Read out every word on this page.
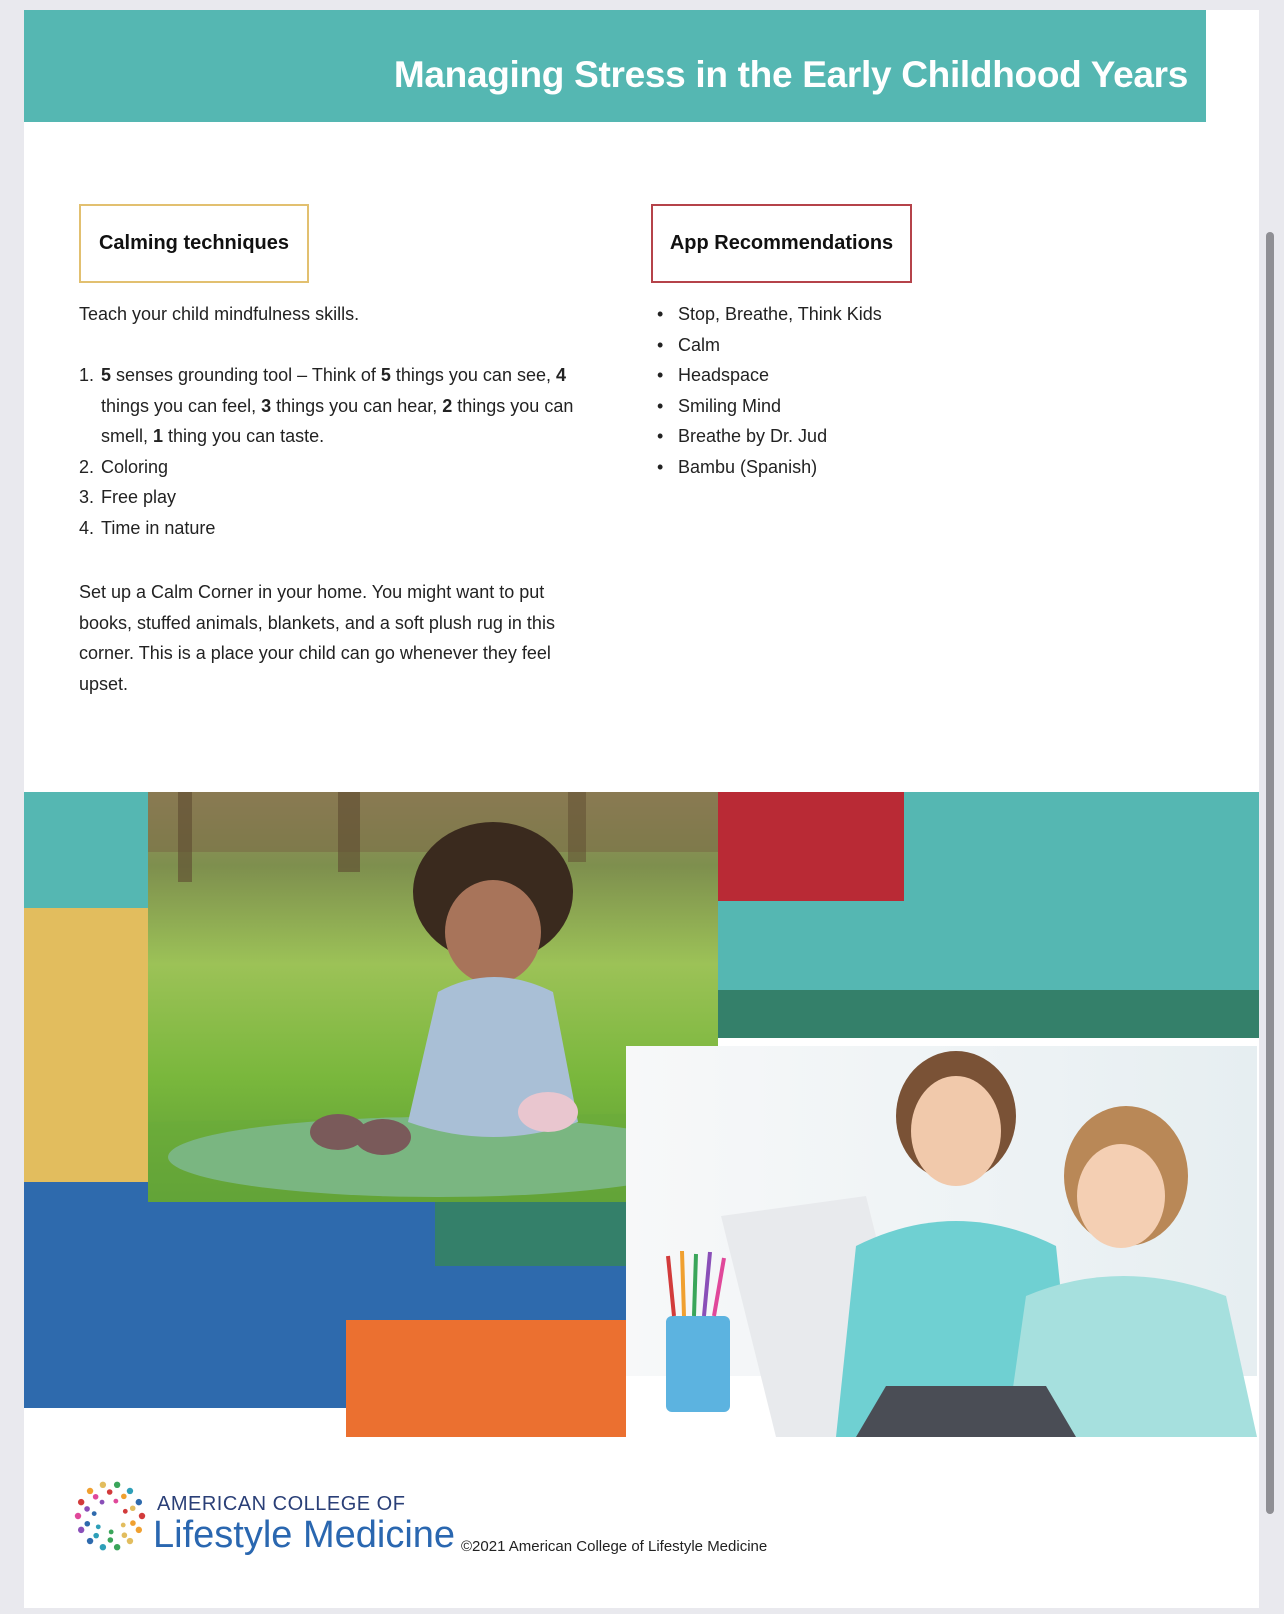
Managing Stress in the Early Childhood Years
Calming techniques
Teach your child mindfulness skills.
1. 5 senses grounding tool – Think of 5 things you can see, 4 things you can feel, 3 things you can hear, 2 things you can smell, 1 thing you can taste.
2. Coloring
3. Free play
4. Time in nature
Set up a Calm Corner in your home. You might want to put books, stuffed animals, blankets, and a soft plush rug in this corner. This is a place your child can go whenever they feel upset.
App Recommendations
• Stop, Breathe, Think Kids
• Calm
• Headspace
• Smiling Mind
• Breathe by Dr. Jud
• Bambu (Spanish)
AMERICAN COLLEGE OF
Lifestyle Medicine ©2021 American College of Lifestyle Medicine
